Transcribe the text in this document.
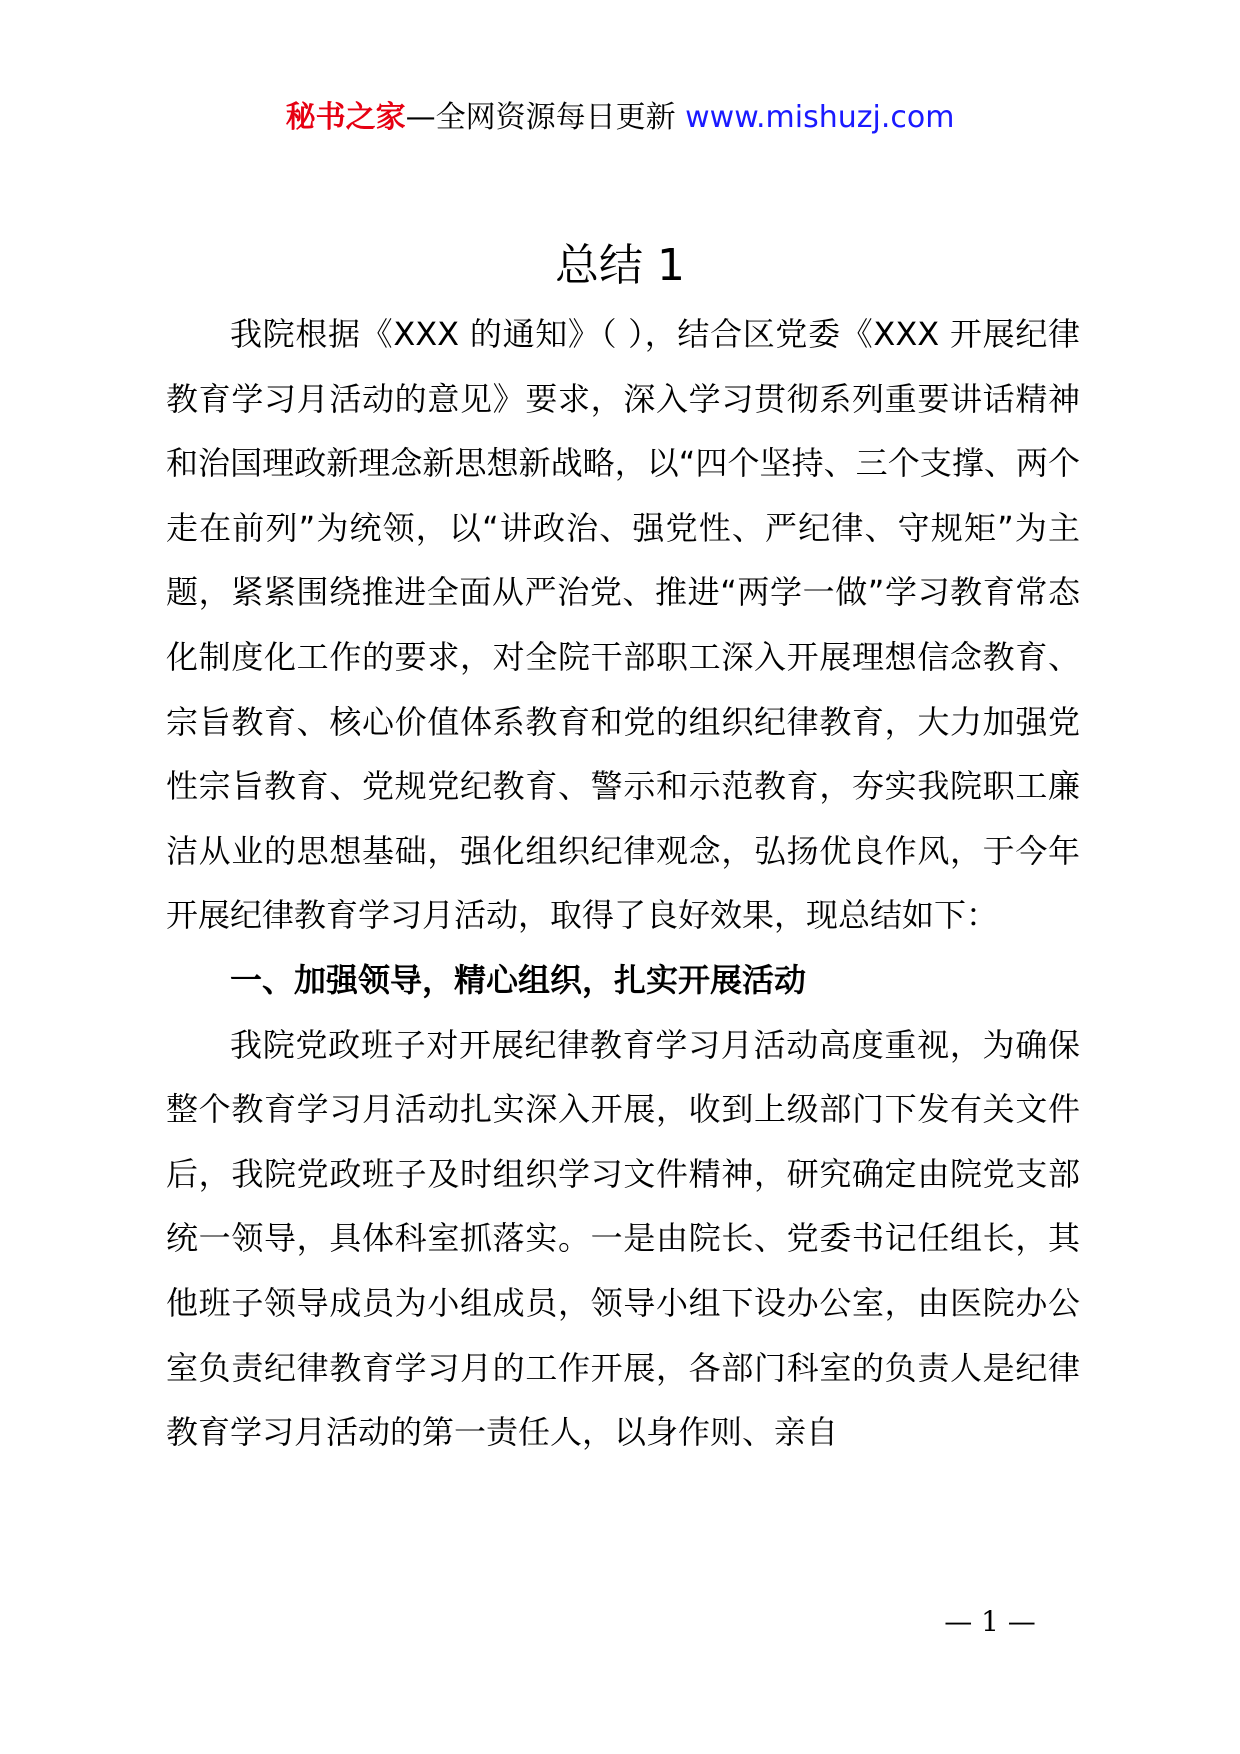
秘书之家—全网资源每日更新 www.mishuzj.com
总结 1

我院根据《XXX 的通知》（ ），结合区党委《XXX 开展纪律教育学习月活动的意见》要求，深入学习贯彻系列重要讲话精神和治国理政新理念新思想新战略，以“四个坚持、三个支撑、两个走在前列”为统领，以“讲政治、强党性、严纪律、守规矩”为主题，紧紧围绕推进全面从严治党、推进“两学一做”学习教育常态化制度化工作的要求，对全院干部职工深入开展理想信念教育、宗旨教育、核心价值体系教育和党的组织纪律教育，大力加强党性宗旨教育、党规党纪教育、警示和示范教育，夯实我院职工廉洁从业的思想基础，强化组织纪律观念，弘扬优良作风，于今年开展纪律教育学习月活动，取得了良好效果，现总结如下：

一、加强领导，精心组织，扎实开展活动

我院党政班子对开展纪律教育学习月活动高度重视，为确保整个教育学习月活动扎实深入开展，收到上级部门下发有关文件后，我院党政班子及时组织学习文件精神，研究确定由院党支部统一领导，具体科室抓落实。一是由院长、党委书记任组长，其他班子领导成员为小组成员，领导小组下设办公室，由医院办公室负责纪律教育学习月的工作开展，各部门科室的负责人是纪律教育学习月活动的第一责任人，以身作则、亲自

— 1 —
